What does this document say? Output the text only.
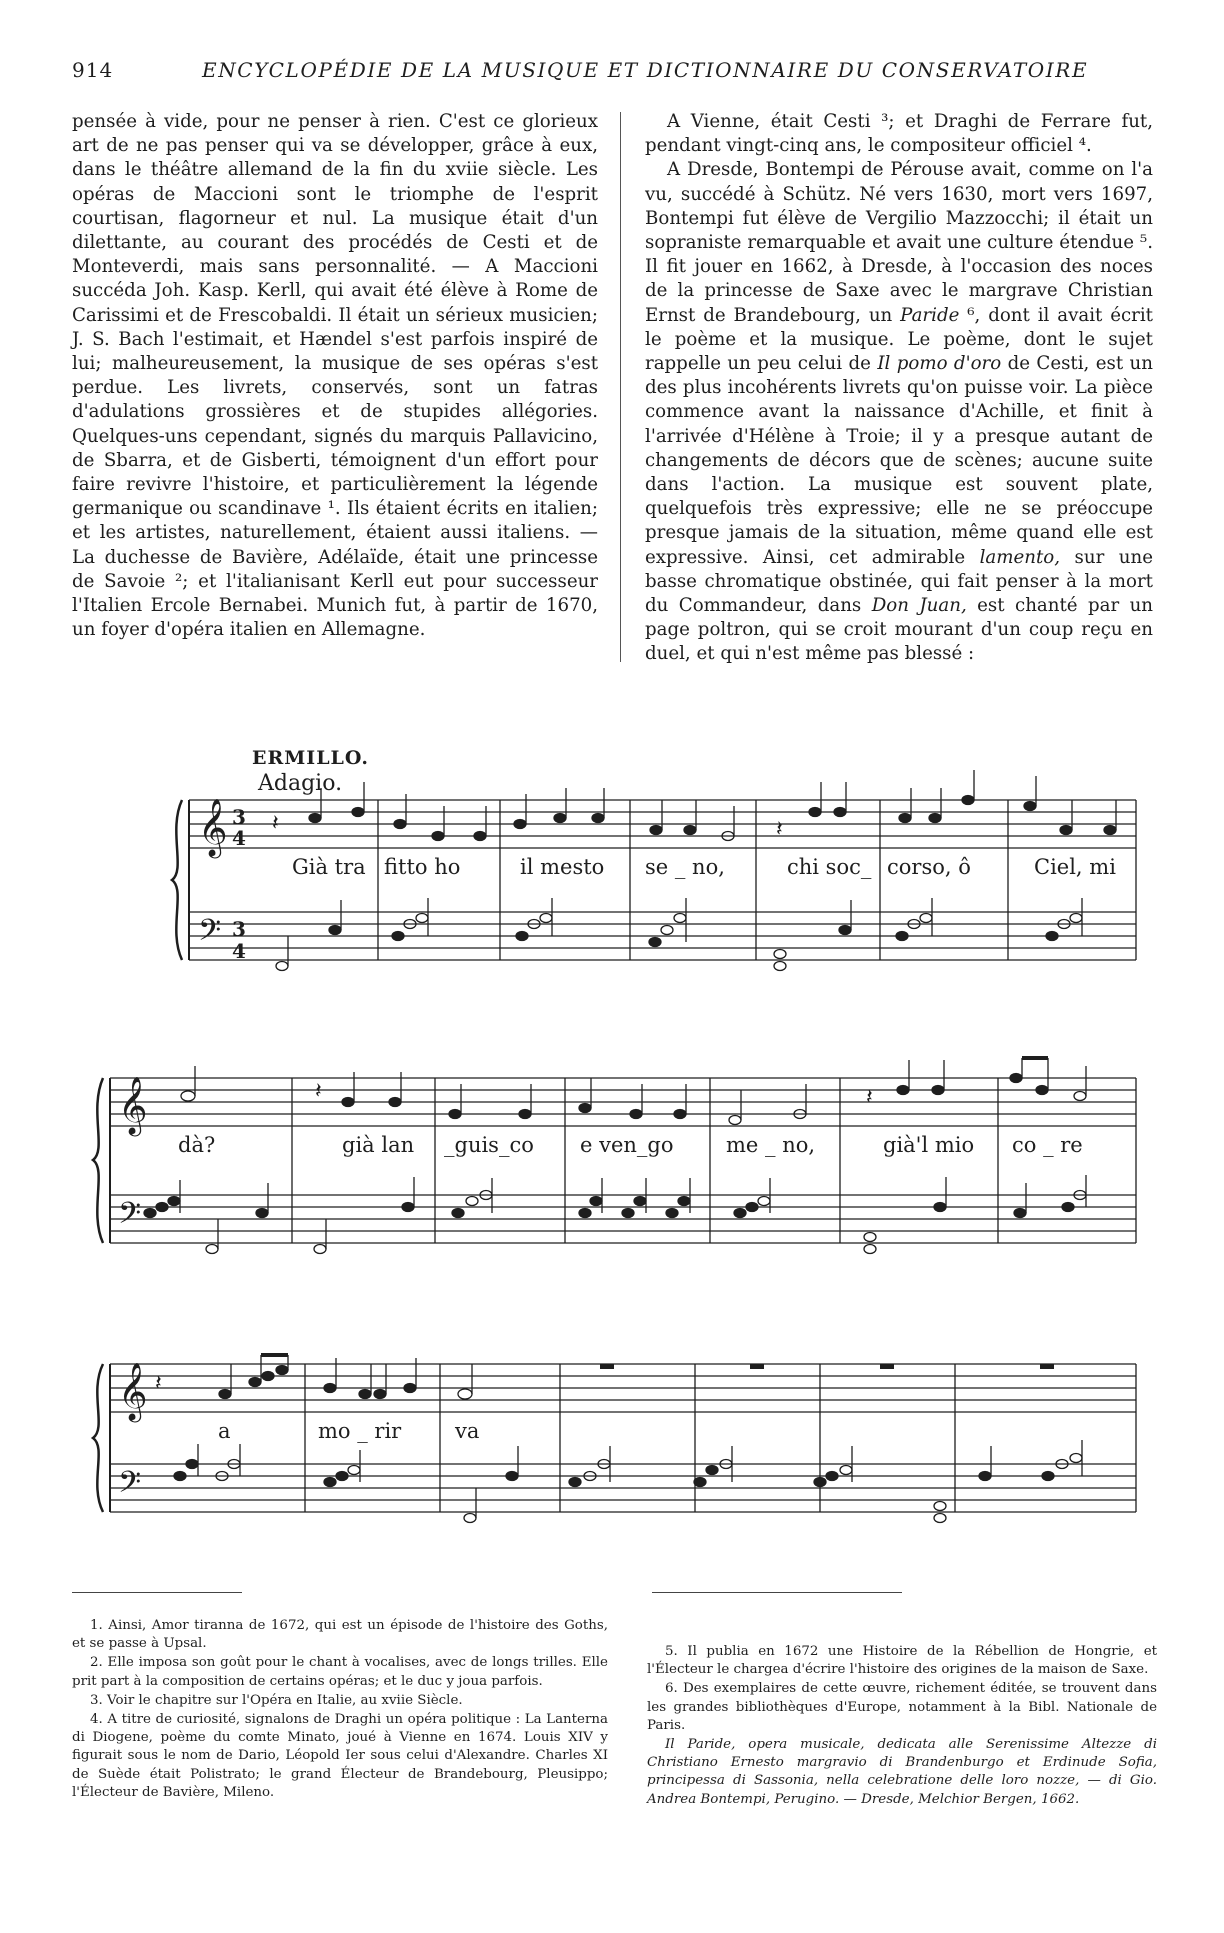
914	ENCYCLOPÉDIE DE LA MUSIQUE ET DICTIONNAIRE DU CONSERVATOIRE

pensée à vide, pour ne penser à rien. C'est ce glorieux art de ne pas penser qui va se développer, grâce à eux, dans le théâtre allemand de la fin du xviie siècle. Les opéras de Maccioni sont le triomphe de l'esprit courtisan, flagorneur et nul. La musique était d'un dilettante, au courant des procédés de Cesti et de Monteverdi, mais sans personnalité. — A Maccioni succéda Joh. Kasp. Kerll, qui avait été élève à Rome de Carissimi et de Frescobaldi. Il était un sérieux musicien; J. S. Bach l'estimait, et Hændel s'est parfois inspiré de lui; malheureusement, la musique de ses opéras s'est perdue. Les livrets, conservés, sont un fatras d'adulations grossières et de stupides allégories. Quelques-uns cependant, signés du marquis Pallavicino, de Sbarra, et de Gisberti, témoignent d'un effort pour faire revivre l'histoire, et particulièrement la légende germanique ou scandinave ¹. Ils étaient écrits en italien; et les artistes, naturellement, étaient aussi italiens. — La duchesse de Bavière, Adélaïde, était une princesse de Savoie ²; et l'italianisant Kerll eut pour successeur l'Italien Ercole Bernabei. Munich fut, à partir de 1670, un foyer d'opéra italien en Allemagne.

A Vienne, était Cesti ³; et Draghi de Ferrare fut, pendant vingt-cinq ans, le compositeur officiel ⁴.

A Dresde, Bontempi de Pérouse avait, comme on l'a vu, succédé à Schütz. Né vers 1630, mort vers 1697, Bontempi fut élève de Vergilio Mazzocchi; il était un sopraniste remarquable et avait une culture étendue ⁵. Il fit jouer en 1662, à Dresde, à l'occasion des noces de la princesse de Saxe avec le margrave Christian Ernst de Brandebourg, un Paride ⁶, dont il avait écrit le poème et la musique. Le poème, dont le sujet rappelle un peu celui de Il pomo d'oro de Cesti, est un des plus incohérents livrets qu'on puisse voir. La pièce commence avant la naissance d'Achille, et finit à l'arrivée d'Hélène à Troie; il y a presque autant de changements de décors que de scènes; aucune suite dans l'action. La musique est souvent plate, quelquefois très expressive; elle ne se préoccupe presque jamais de la situation, même quand elle est expressive. Ainsi, cet admirable lamento, sur une basse chromatique obstinée, qui fait penser à la mort du Commandeur, dans Don Juan, est chanté par un page poltron, qui se croit mourant d'un coup reçu en duel, et qui n'est même pas blessé :

ERMILLO.
Adagio.
𝄞
𝄢
3
4
3
4
𝄽	𝄽
Già tra fitto ho	il mesto se _ no,	chi soc_ corso, ô	Ciel, mi
𝄞
𝄢
𝄽	𝄽
dà?	già lan _guis_co e ven_go me _ no,	già'l mio co _ re
𝄞
𝄢
𝄽
a	mo _ rir	va

1. Ainsi, Amor tiranna de 1672, qui est un épisode de l'histoire des Goths, et se passe à Upsal.

2. Elle imposa son goût pour le chant à vocalises, avec de longs trilles. Elle prit part à la composition de certains opéras; et le duc y joua parfois.

3. Voir le chapitre sur l'Opéra en Italie, au xviie Siècle.

4. A titre de curiosité, signalons de Draghi un opéra politique : La Lanterna di Diogene, poème du comte Minato, joué à Vienne en 1674. Louis XIV y figurait sous le nom de Dario, Léopold Ier sous celui d'Alexandre. Charles XI de Suède était Polistrato; le grand Électeur de Brandebourg, Pleusippo; l'Électeur de Bavière, Mileno.

5. Il publia en 1672 une Histoire de la Rébellion de Hongrie, et l'Électeur le chargea d'écrire l'histoire des origines de la maison de Saxe.

6. Des exemplaires de cette œuvre, richement éditée, se trouvent dans les grandes bibliothèques d'Europe, notamment à la Bibl. Nationale de Paris.

Il Paride, opera musicale, dedicata alle Serenissime Altezze di Christiano Ernesto margravio di Brandenburgo et Erdinude Sofia, principessa di Sassonia, nella celebratione delle loro nozze, — di Gio. Andrea Bontempi, Perugino. — Dresde, Melchior Bergen, 1662.
